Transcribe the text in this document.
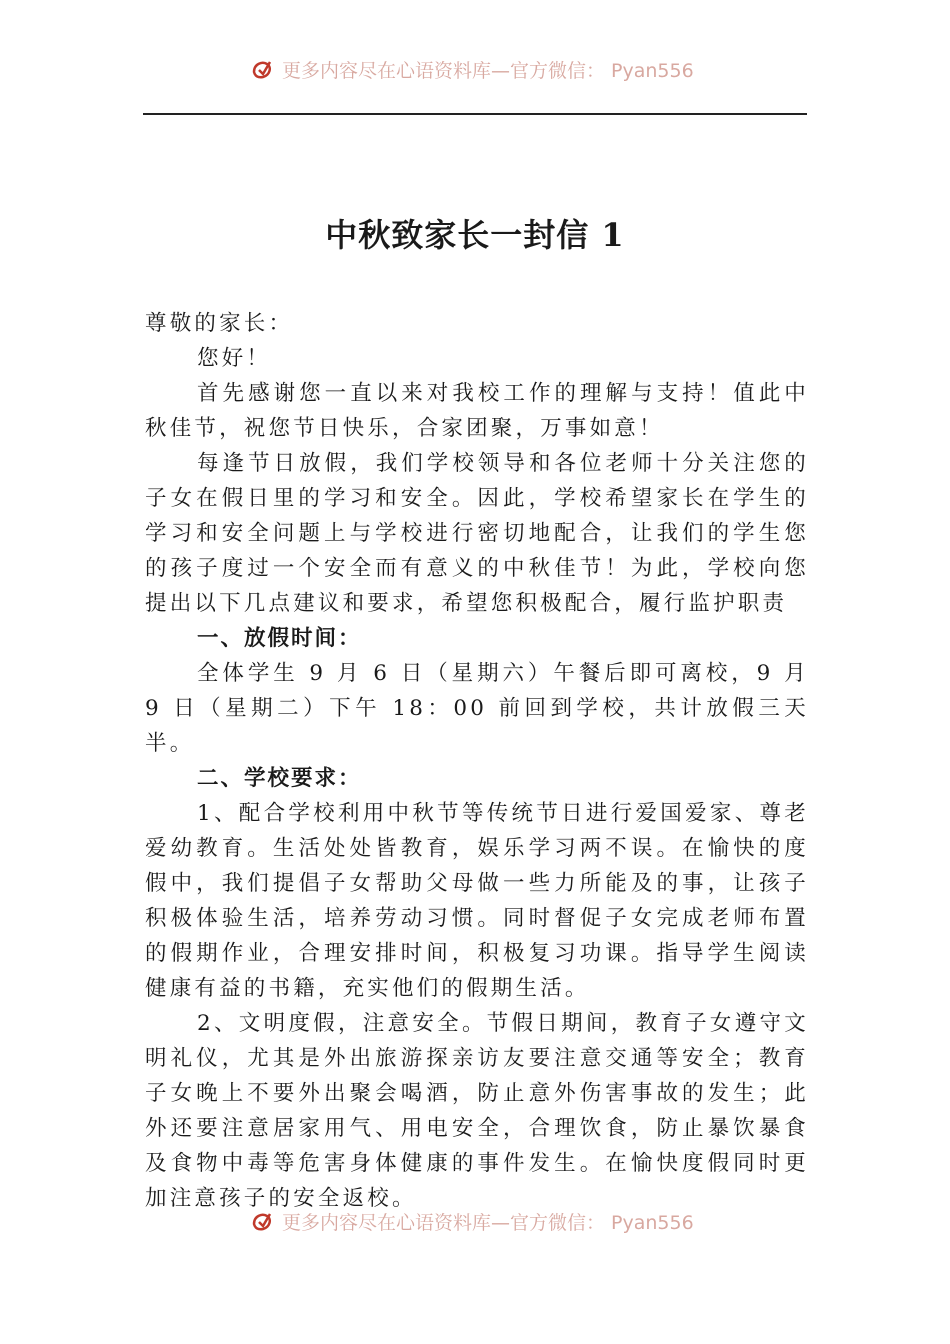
更多内容尽在心语资料库—官方微信： Pyan556
中秋致家长一封信 1

尊敬的家长：

您好！

首先感谢您一直以来对我校工作的理解与支持！值此中秋佳节，祝您节日快乐，合家团聚，万事如意！

每逢节日放假，我们学校领导和各位老师十分关注您的子女在假日里的学习和安全。因此，学校希望家长在学生的学习和安全问题上与学校进行密切地配合，让我们的学生您的孩子度过一个安全而有意义的中秋佳节！为此，学校向您提出以下几点建议和要求，希望您积极配合，履行监护职责

一、放假时间：

全体学生 9 月 6 日（星期六）午餐后即可离校，9 月 9 日（星期二）下午 18：00 前回到学校，共计放假三天半。

二、学校要求：

1、配合学校利用中秋节等传统节日进行爱国爱家、尊老爱幼教育。生活处处皆教育，娱乐学习两不误。在愉快的度假中，我们提倡子女帮助父母做一些力所能及的事，让孩子积极体验生活，培养劳动习惯。同时督促子女完成老师布置的假期作业，合理安排时间，积极复习功课。指导学生阅读健康有益的书籍，充实他们的假期生活。

2、文明度假，注意安全。节假日期间，教育子女遵守文明礼仪，尤其是外出旅游探亲访友要注意交通等安全；教育子女晚上不要外出聚会喝酒，防止意外伤害事故的发生；此外还要注意居家用气、用电安全，合理饮食，防止暴饮暴食及食物中毒等危害身体健康的事件发生。在愉快度假同时更加注意孩子的安全返校。

更多内容尽在心语资料库—官方微信： Pyan556
